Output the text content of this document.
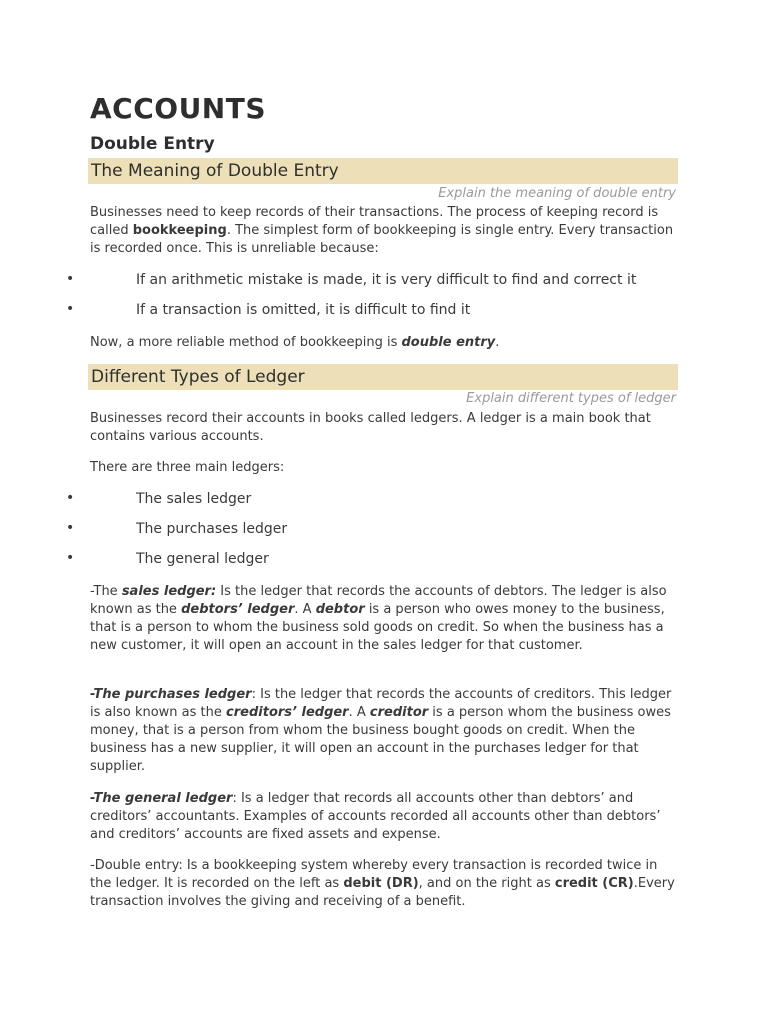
ACCOUNTS
Double Entry
The Meaning of Double Entry
Explain the meaning of double entry

Businesses need to keep records of their transactions. The process of keeping record is called bookkeeping. The simplest form of bookkeeping is single entry. Every transaction is recorded once. This is unreliable because:

•	If an arithmetic mistake is made, it is very difficult to find and correct it
•	If a transaction is omitted, it is difficult to find it

Now, a more reliable method of bookkeeping is double entry.

Different Types of Ledger
Explain different types of ledger

Businesses record their accounts in books called ledgers. A ledger is a main book that contains various accounts.

There are three main ledgers:

•	The sales ledger
•	The purchases ledger
•	The general ledger

-The sales ledger: Is the ledger that records the accounts of debtors. The ledger is also known as the debtors’ ledger. A debtor is a person who owes money to the business, that is a person to whom the business sold goods on credit. So when the business has a new customer, it will open an account in the sales ledger for that customer.

-The purchases ledger: Is the ledger that records the accounts of creditors. This ledger is also known as the creditors’ ledger. A creditor is a person whom the business owes money, that is a person from whom the business bought goods on credit. When the business has a new supplier, it will open an account in the purchases ledger for that supplier.

-The general ledger: Is a ledger that records all accounts other than debtors’ and creditors’ accountants. Examples of accounts recorded all accounts other than debtors’ and creditors’ accounts are fixed assets and expense.

-Double entry: Is a bookkeeping system whereby every transaction is recorded twice in the ledger. It is recorded on the left as debit (DR), and on the right as credit (CR).Every transaction involves the giving and receiving of a benefit.
